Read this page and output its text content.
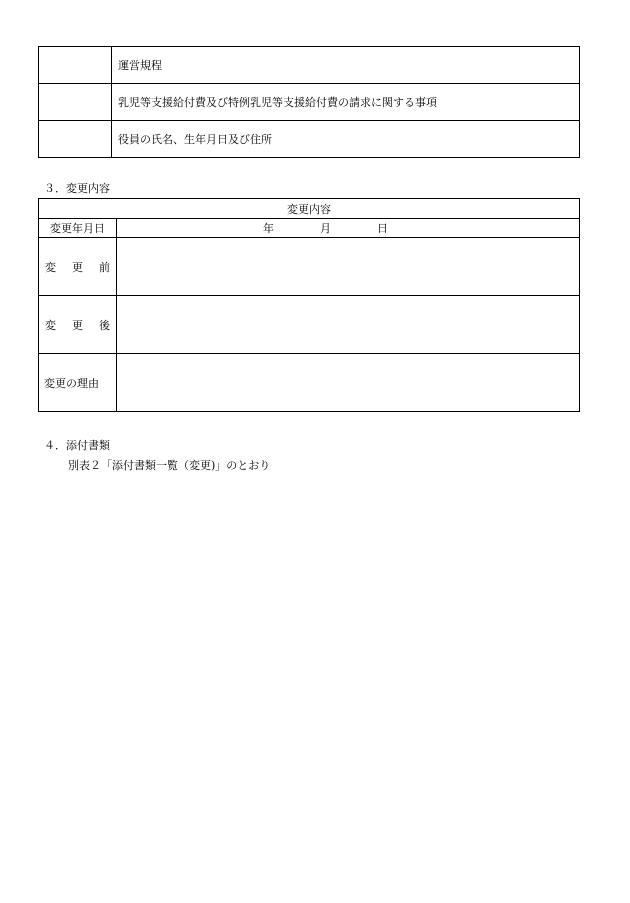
	運営規程
	乳児等支援給付費及び特例乳児等支援給付費の請求に関する事項
	役員の氏名、生年月日及び住所
３．変更内容
変更内容	
変更年月日	年 月 日

変 更 前	

変 更 後	

変更の理由	
４．添付書類
別表２「添付書類一覧（変更)」のとおり
